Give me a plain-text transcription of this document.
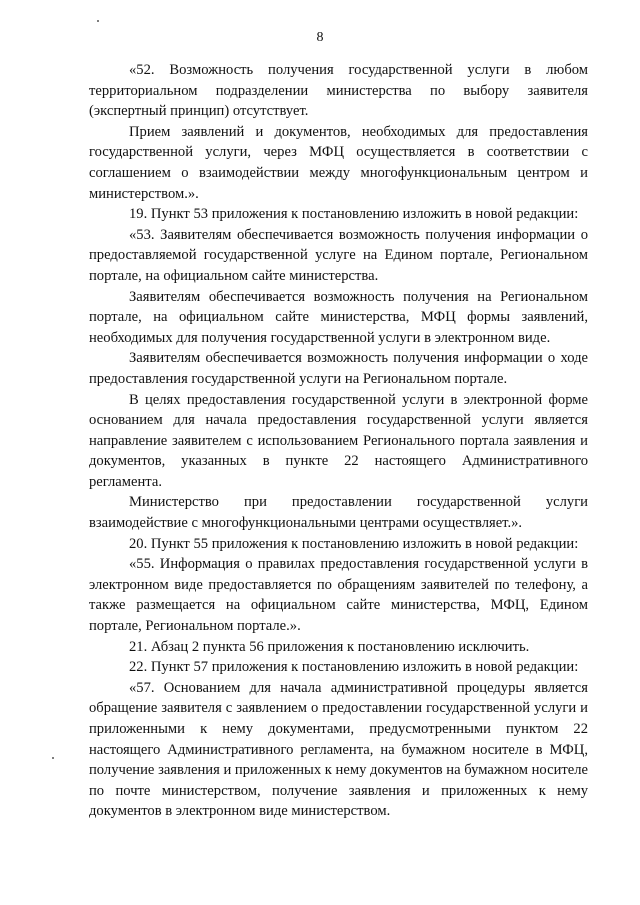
8

«52. Возможность получения государственной услуги в любом территориальном подразделении министерства по выбору заявителя (экспертный принцип) отсутствует.

Прием заявлений и документов, необходимых для предоставления государственной услуги, через МФЦ осуществляется в соответствии с соглашением о взаимодействии между многофункциональным центром и министерством.».

19. Пункт 53 приложения к постановлению изложить в новой редакции:

«53. Заявителям обеспечивается возможность получения информации о предоставляемой государственной услуге на Едином портале, Региональном портале, на официальном сайте министерства.

Заявителям обеспечивается возможность получения на Региональном портале, на официальном сайте министерства, МФЦ формы заявлений, необходимых для получения государственной услуги в электронном виде.

Заявителям обеспечивается возможность получения информации о ходе предоставления государственной услуги на Региональном портале.

В целях предоставления государственной услуги в электронной форме основанием для начала предоставления государственной услуги является направление заявителем с использованием Регионального портала заявления и документов, указанных в пункте 22 настоящего Административного регламента.

Министерство при предоставлении государственной услуги взаимодействие с многофункциональными центрами осуществляет.».

20. Пункт 55 приложения к постановлению изложить в новой редакции:

«55. Информация о правилах предоставления государственной услуги в электронном виде предоставляется по обращениям заявителей по телефону, а также размещается на официальном сайте министерства, МФЦ, Едином портале, Региональном портале.».

21. Абзац 2 пункта 56 приложения к постановлению исключить.

22. Пункт 57 приложения к постановлению изложить в новой редакции:

«57. Основанием для начала административной процедуры является обращение заявителя с заявлением о предоставлении государственной услуги и приложенными к нему документами, предусмотренными пунктом 22 настоящего Административного регламента, на бумажном носителе в МФЦ, получение заявления и приложенных к нему документов на бумажном носителе по почте министерством, получение заявления и приложенных к нему документов в электронном виде министерством.
